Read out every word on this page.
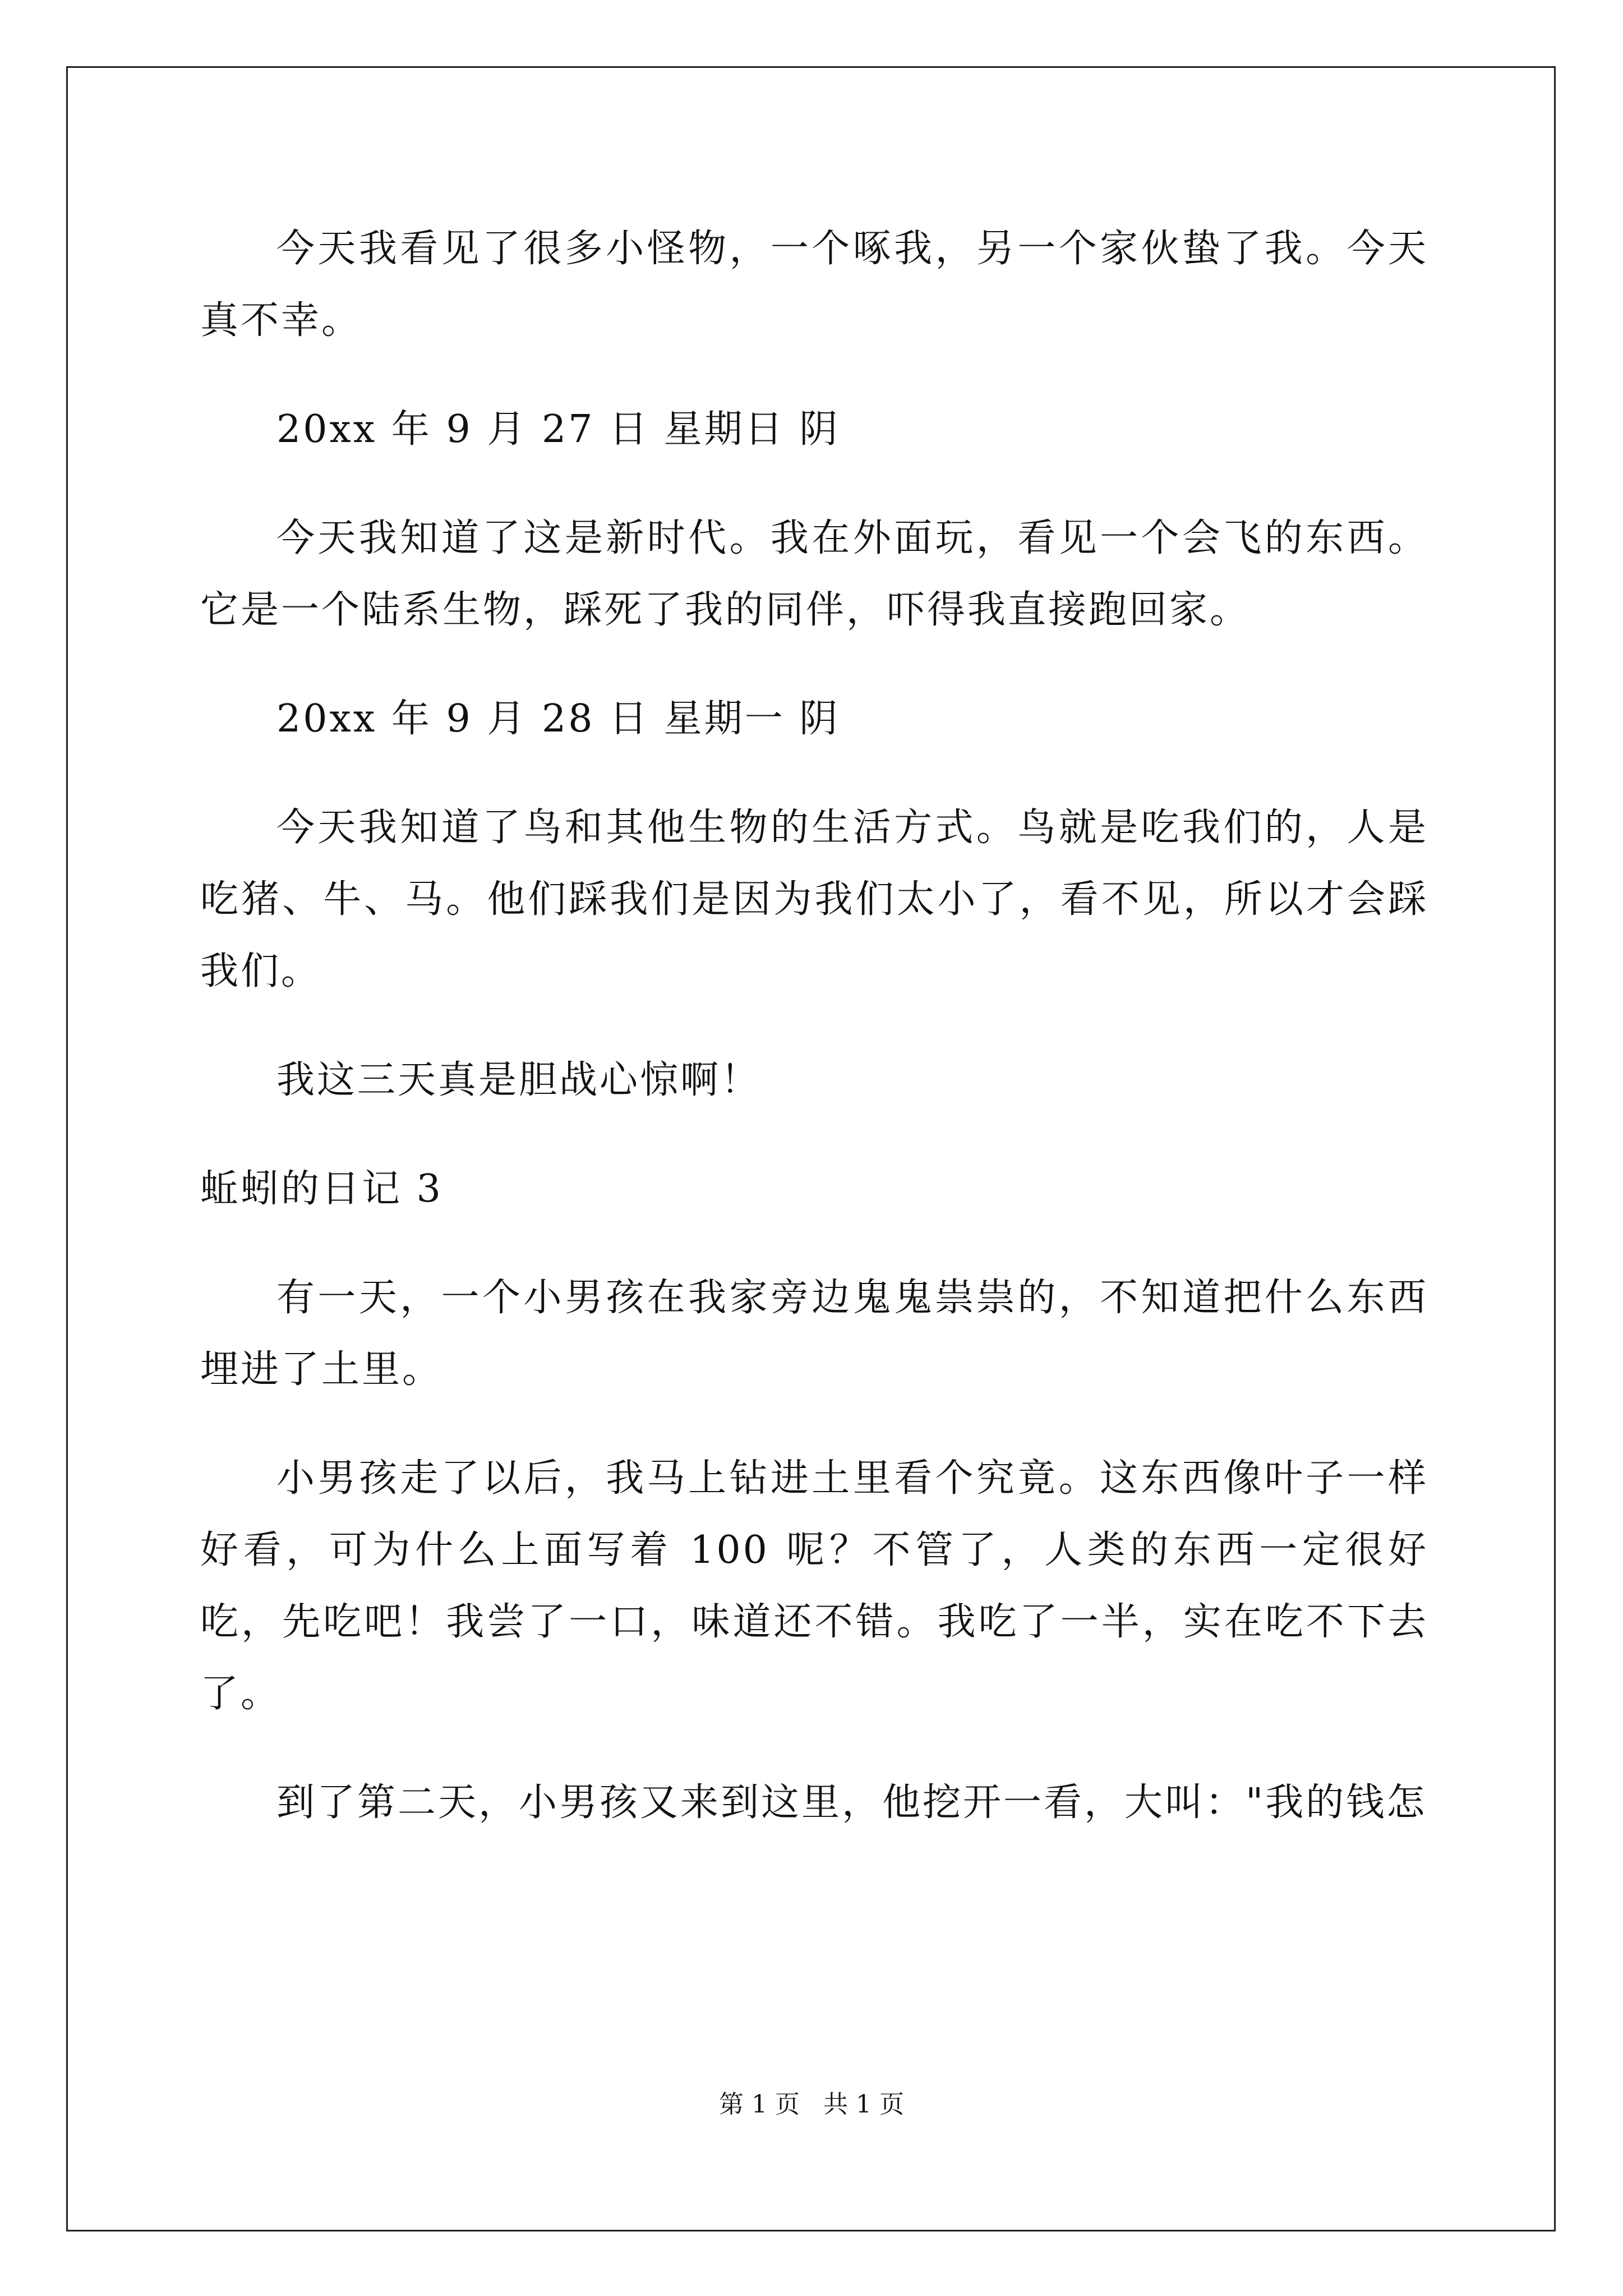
今天我看见了很多小怪物，一个啄我，另一个家伙蛰了我。今天真不幸。

20xx 年 9 月 27 日 星期日 阴

今天我知道了这是新时代。我在外面玩，看见一个会飞的东西。它是一个陆系生物，踩死了我的同伴，吓得我直接跑回家。

20xx 年 9 月 28 日 星期一 阴

今天我知道了鸟和其他生物的生活方式。鸟就是吃我们的，人是吃猪、牛、马。他们踩我们是因为我们太小了，看不见，所以才会踩我们。

我这三天真是胆战心惊啊！

蚯蚓的日记 3

有一天，一个小男孩在我家旁边鬼鬼祟祟的，不知道把什么东西埋进了土里。

小男孩走了以后，我马上钻进土里看个究竟。这东西像叶子一样好看，可为什么上面写着 100 呢？不管了，人类的东西一定很好吃，先吃吧！我尝了一口，味道还不错。我吃了一半，实在吃不下去了。

到了第二天，小男孩又来到这里，他挖开一看，大叫："我的钱怎

第 1 页 共 1 页
